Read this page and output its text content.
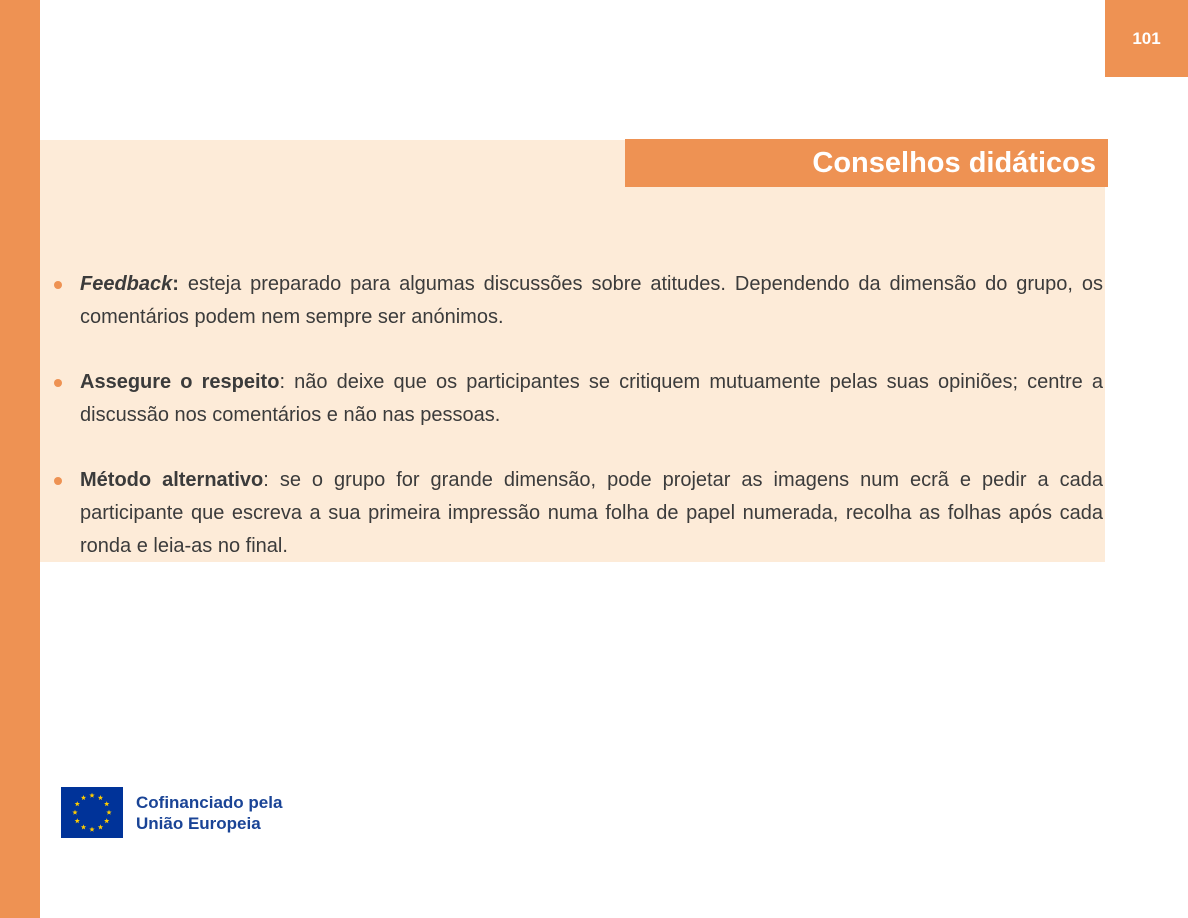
101
Conselhos didáticos
Feedback: esteja preparado para algumas discussões sobre atitudes. Dependendo da dimensão do grupo, os comentários podem nem sempre ser anónimos.
Assegure o respeito: não deixe que os participantes se critiquem mutuamente pelas suas opiniões; centre a discussão nos comentários e não nas pessoas.
Método alternativo: se o grupo for grande dimensão, pode projetar as imagens num ecrã e pedir a cada participante que escreva a sua primeira impressão numa folha de papel numerada, recolha as folhas após cada ronda e leia-as no final.
Cofinanciado pela
União Europeia
